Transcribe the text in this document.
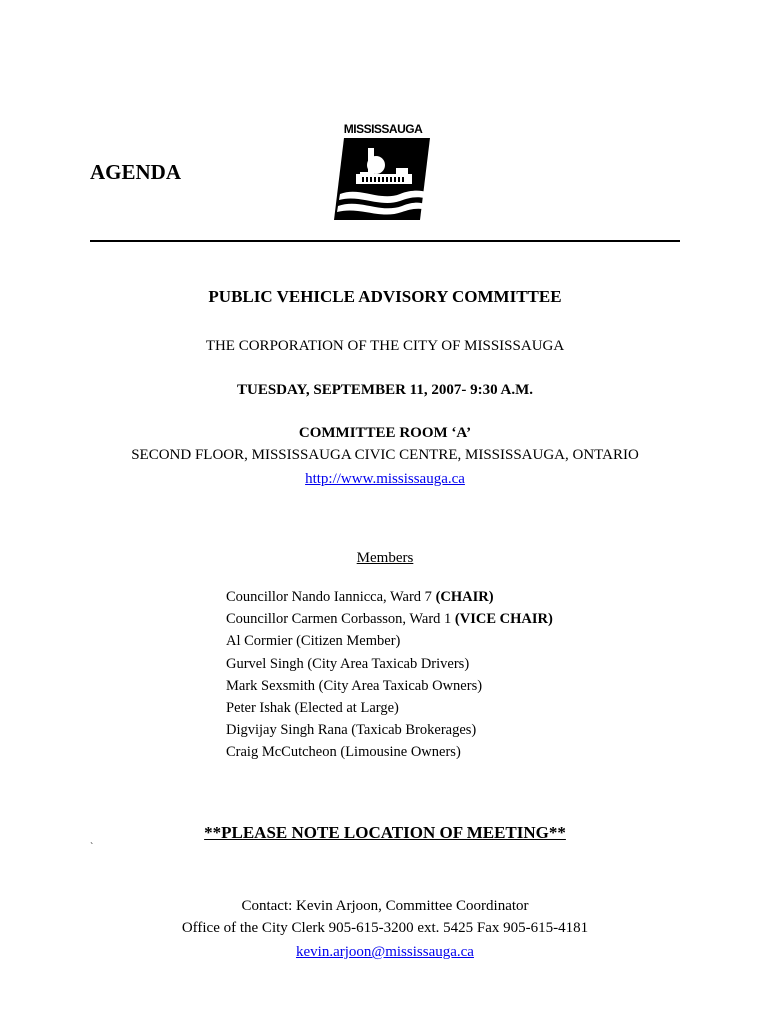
AGENDA
MISSISSAUGA
PUBLIC VEHICLE ADVISORY COMMITTEE
THE CORPORATION OF THE CITY OF MISSISSAUGA
TUESDAY, SEPTEMBER 11, 2007- 9:30 A.M.
COMMITTEE ROOM ‘A’
SECOND FLOOR, MISSISSAUGA CIVIC CENTRE, MISSISSAUGA, ONTARIO
http://www.mississauga.ca
Members
Councillor Nando Iannicca, Ward 7 (CHAIR)
Councillor Carmen Corbasson, Ward 1 (VICE CHAIR)
Al Cormier (Citizen Member)
Gurvel Singh (City Area Taxicab Drivers)
Mark Sexsmith (City Area Taxicab Owners)
Peter Ishak (Elected at Large)
Digvijay Singh Rana (Taxicab Brokerages)
Craig McCutcheon (Limousine Owners)
**PLEASE NOTE LOCATION OF MEETING**
`
Contact: Kevin Arjoon, Committee Coordinator
Office of the City Clerk 905-615-3200 ext. 5425 Fax 905-615-4181
kevin.arjoon@mississauga.ca
